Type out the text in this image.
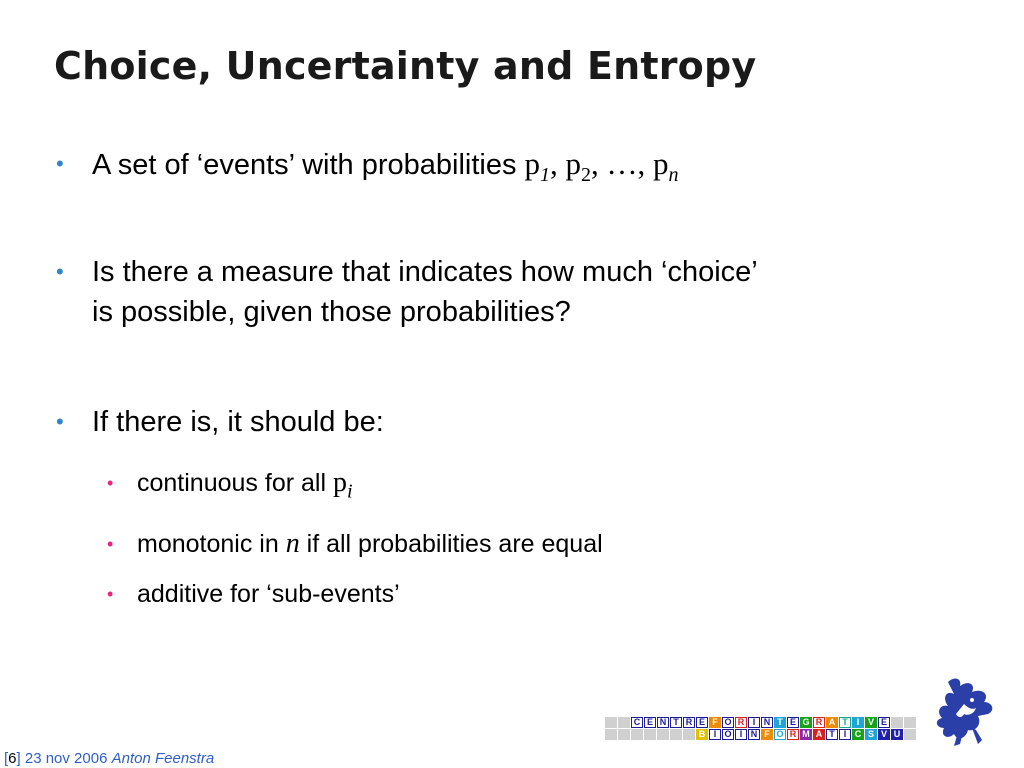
Choice, Uncertainty and Entropy
• A set of ‘events’ with probabilities $p_1$, $p_2$, …, $p_n$
• Is there a measure that indicates how much ‘choice’
is possible, given those probabilities?
• If there is, it should be:
• continuous for all $p_i$
• monotonic in n if all probabilities are equal
• additive for ‘sub-events’
[6] 23 nov 2006 Anton Feenstra
		C	E	N	T	R	E	F	O	R	I	N	T	E	G	R	A	T	I	V	E		
							B	I	O	I	N	F	O	R	M	A	T	I	C	S	V	U	
